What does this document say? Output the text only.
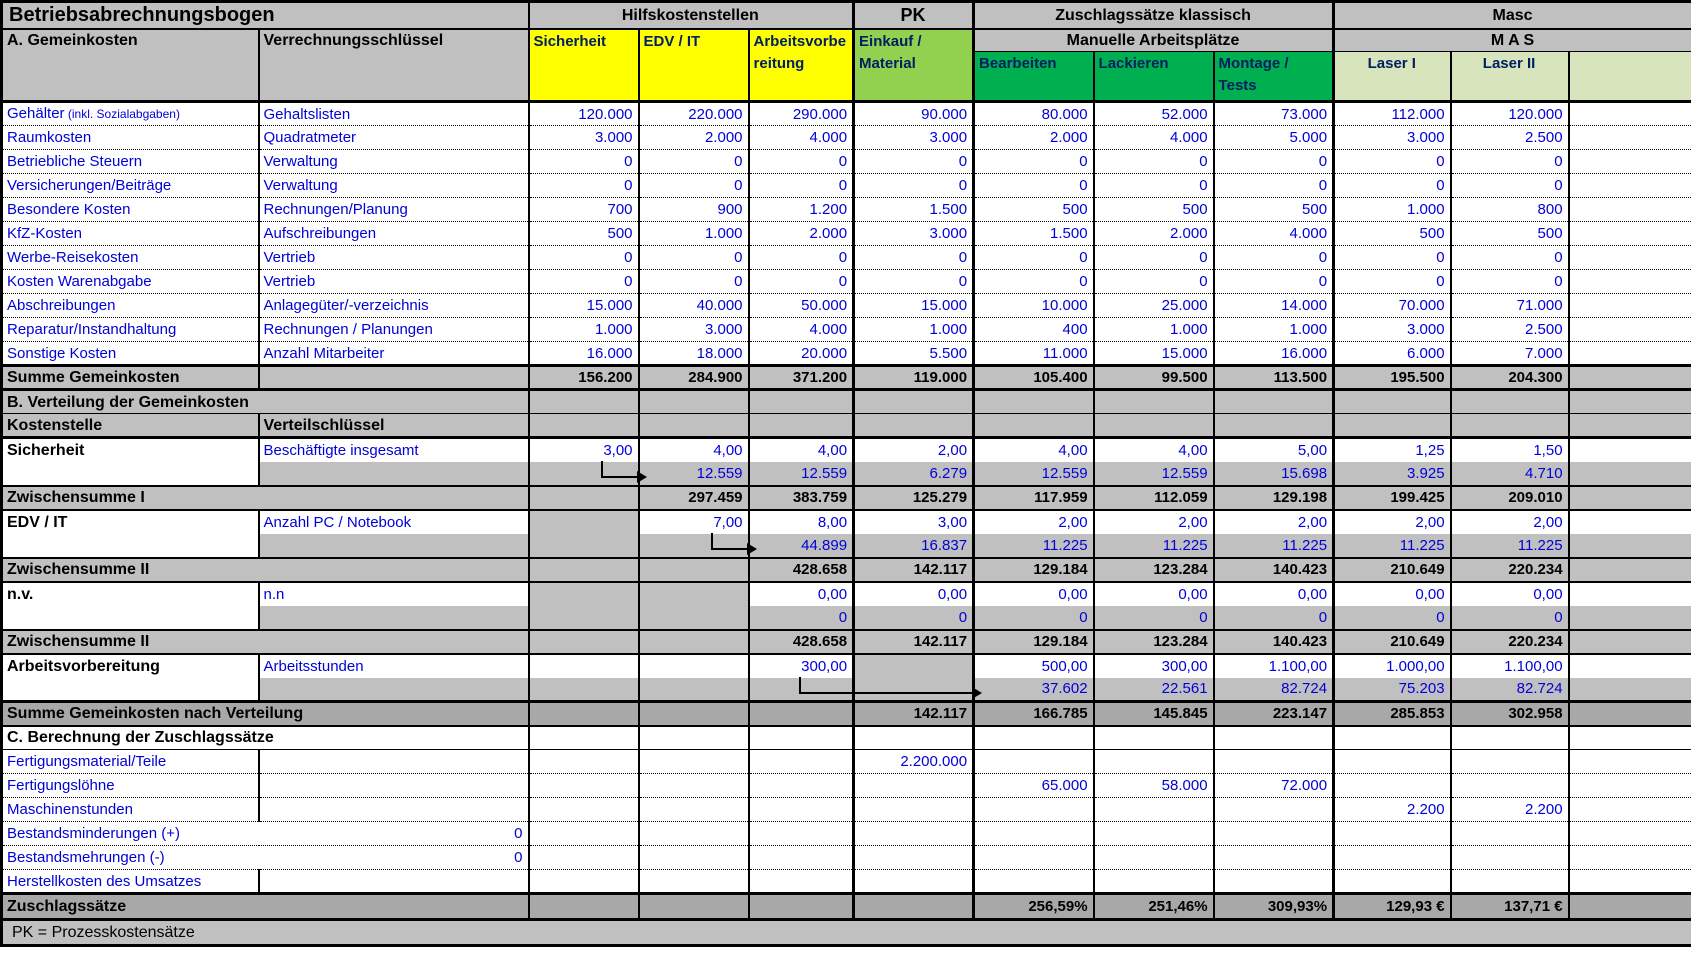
Betriebsabrechnungsbogen		Hilfskostenstellen			PK	Zuschlagssätze klassisch			Masc		
A. Gemeinkosten	Verrechnungsschlüssel	Sicherheit	EDV / IT	Arbeitsvorbereitung	Einkauf / Material	Manuelle Arbeitsplätze			M A S		
						Bearbeiten	Lackieren	Montage / Tests	Laser I	Laser II	
Gehälter (inkl. Sozialabgaben)	Gehaltslisten	120.000	220.000	290.000	90.000	80.000	52.000	73.000	112.000	120.000	
Raumkosten	Quadratmeter	3.000	2.000	4.000	3.000	2.000	4.000	5.000	3.000	2.500	
Betriebliche Steuern	Verwaltung	0	0	0	0	0	0	0	0	0	
Versicherungen/Beiträge	Verwaltung	0	0	0	0	0	0	0	0	0	
Besondere Kosten	Rechnungen/Planung	700	900	1.200	1.500	500	500	500	1.000	800	
KfZ-Kosten	Aufschreibungen	500	1.000	2.000	3.000	1.500	2.000	4.000	500	500	
Werbe-Reisekosten	Vertrieb	0	0	0	0	0	0	0	0	0	
Kosten Warenabgabe	Vertrieb	0	0	0	0	0	0	0	0	0	
Abschreibungen	Anlagegüter/-verzeichnis	15.000	40.000	50.000	15.000	10.000	25.000	14.000	70.000	71.000	
Reparatur/Instandhaltung	Rechnungen / Planungen	1.000	3.000	4.000	1.000	400	1.000	1.000	3.000	2.500	
Sonstige Kosten	Anzahl Mitarbeiter	16.000	18.000	20.000	5.500	11.000	15.000	16.000	6.000	7.000	
Summe Gemeinkosten		156.200	284.900	371.200	119.000	105.400	99.500	113.500	195.500	204.300	
B. Verteilung der Gemeinkosten											
Kostenstelle	Verteilschlüssel										
Sicherheit	Beschäftigte insgesamt	3,00	4,00	4,00	2,00	4,00	4,00	5,00	1,25	1,50	
			12.559	12.559	6.279	12.559	12.559	15.698	3.925	4.710	
Zwischensumme I			297.459	383.759	125.279	117.959	112.059	129.198	199.425	209.010	
EDV / IT	Anzahl PC / Notebook		7,00	8,00	3,00	2,00	2,00	2,00	2,00	2,00	
				44.899	16.837	11.225	11.225	11.225	11.225	11.225	
Zwischensumme II				428.658	142.117	129.184	123.284	140.423	210.649	220.234	
n.v.	n.n			0,00	0,00	0,00	0,00	0,00	0,00	0,00	
				0	0	0	0	0	0	0	
Zwischensumme II				428.658	142.117	129.184	123.284	140.423	210.649	220.234	
Arbeitsvorbereitung	Arbeitsstunden			300,00		500,00	300,00	1.100,00	1.000,00	1.100,00	
						37.602	22.561	82.724	75.203	82.724	
Summe Gemeinkosten nach Verteilung					142.117	166.785	145.845	223.147	285.853	302.958	
C. Berechnung der Zuschlagssätze											
Fertigungsmaterial/Teile					2.200.000						
Fertigungslöhne						65.000	58.000	72.000			
Maschinenstunden									2.200	2.200	

Bestandsminderungen (+) 0											

Bestandsmehrungen (-) 0											

Herstellkosten des Umsatzes											
Zuschlagssätze						256,59%	251,46%	309,93%	129,93 €	137,71 €	
PK = Prozesskostensätze											
